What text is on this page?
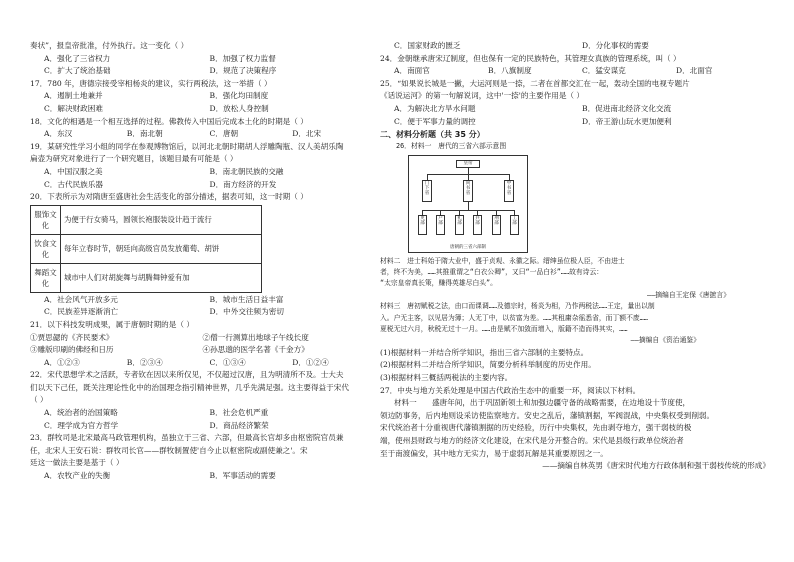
奏状”，报皇帝批准，付外执行。这一变化（ ）
A．强化了三省权力	B．加强了权力监督
C．扩大了统治基础	D．规范了决策程序
17．780 年，唐德宗接受宰相杨炎的建议，实行两税法，这一举措（ ）
A．遏制土地兼并	B．强化均田制度
C．解决财政困难	D．放松人身控制
18．文化的相遇是一个相互选择的过程。佛教传入中国后完成本土化的时期是（ ）
A．东汉	B．南北朝	C．唐朝	D．北宋
19．某研究性学习小组的同学在参观博物馆后，以河北北朝时期胡人浮雕陶瓶、汉人美胡乐陶
扁壶为研究对象进行了一个研究题目，该题目最有可能是（ ）
A．中国汉服之美	B．南北朝民族的交融
C．古代民族乐器	D．南方经济的开发
20．下表所示为对隋唐至盛唐社会生活变化的部分描述，据表可知，这一时期（ ）
服饰文化	为便于行女骑马，圆领长袍服装设计趋于流行
饮食文化	每年立春时节，朝廷向高级官员发放葡萄、胡饼
舞蹈文化	城市中人们对胡旋舞与胡腾舞钟爱有加
A．社会风气开放多元	B．城市生活日益丰富
C．民族差异逐渐消亡	D．中外交往频为密切
21．以下科技发明成果，属于唐朝时期的是（ ）
①贾思勰的《齐民要术》	②僧一行测算出地球子午线长度
③雕版印刷的佛经和日历	④孙思邈的医学名著《千金方》
A．①②③	B．②③④	C．①③④	D．①②④
22．宋代思想学术之活跃，专者钦在因以来所仅见，不仅超过汉唐，且为明清所不及。士大夫
们以天下己任，既关注理论性化中的治国理念指引精神世界，几乎先满足强。这主要得益于宋代
（ ）
A．统治者的治国策略	B．社会危机严重
C．理学成为官方哲学	D．商品经济繁荣
23．群牧司是北宋最高马政管理机构，虽独立于三省、六部，但最高长官却多由枢密院官员兼
任，北宋人王安石说：群牧司长官——群牧制置使'自今止以枢密院或副使兼之'。宋
廷这一做法主要是基于（ ）
A．农牧产业的失衡	B．军事活动的需要
C．国家财政的匮乏	D．分化事权的需要
24．金朝继承唐宋辽制度，但也保有一定的民族特色，其管理女真族的管理系统，叫（ ）
A．南面官	B．八旗制度	C．猛安谋克	D．北面官
25．“如果说长城是一撇，大运河则是一捺，二者在首都交汇在一起，轰动全国的电视专题片
《话说运河》的第一句解说词，这中'一捺'的主要作用是（ ）
A．为解决北方旱水问题	B．促进南北经济文化交流
C．便于军事力量的调控	D．帝王游山玩水更加便利
二、材料分析题（共 35 分）
26．材料一　唐代的三省六部示意图
皇帝
门下省
尚书省
中书省
吏部
户部
礼部
兵部
刑部
工部
唐朝的三省六部制
材料二　进士科始于隋大业中，盛于贞观、永徽之际。缙绅虽位极人臣，不由进士
者，终不为美，……其推重谓之“白衣公卿”，又曰“一品白衫”……故有诗云：
“太宗皇帝真长策，赚得英雄尽白头”。
——摘编自王定保《唐摭言》
材料三　唐初赋税之法，由口而课调……及德宗时，杨炎为相，乃作两税法……王定，量出以制
入。户无主客，以见居为簿；人无丁中，以贫富为差。……其租庸杂徭悉省，而丁额不废……
夏税无过六月，秋税无过十一月。……由是赋不加敛而增入，版籍不造而得其实，……
——摘编自《资治通鉴》
(1)根据材料一并结合所学知识，指出三省六部制的主要特点。
(2)根据材料二并结合所学知识，简要分析科举制度的历史作用。
(3)根据材料三概括两税法的主要内容。
27．中央与地方关系处理是中国古代政治生态中的重要一环，阅读以下材料。
材料一　　盛唐年间，出于巩固新领土和加强边疆守备的战略需要，在边地设十节度使，
领边防事务，后内地则设采访使监察地方。安史之乱后，藩镇割据，军阀混战，中央集权受到削弱。
宋代统治者十分重视唐代藩镇割据的历史经验，历行中央集权，先由剥夺地方，强干弱枝的极
端，使州县财政与地方的经济文化建设，在宋代是分开整合的。宋代是县级行政单位统治者
至于南渡偏安，其中地方无实力，易于虚弱瓦解是其重要原因之一。
——摘编自林英男《唐宋时代地方行政体制和强干弱枝传统的形成》
